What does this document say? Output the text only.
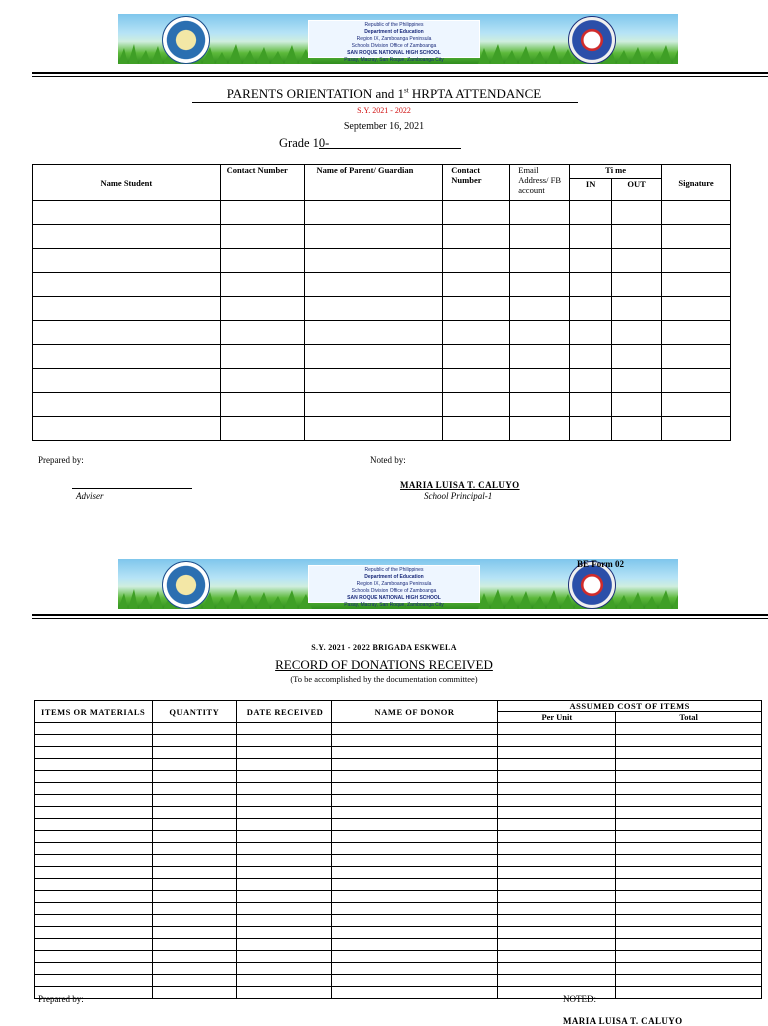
Republic of the Philippines
Department of Education
Region IX, Zamboanga Peninsula
Schools Division Office of Zamboanga
SAN ROQUE NATIONAL HIGH SCHOOL
Pasay, Macray, San Roque, Zamboanga City
PARENTS ORIENTATION and 1st HRPTA ATTENDANCE
S.Y. 2021 - 2022
September 16, 2021
Grade 10-
Name Student	Contact Number	Name of Parent/ Guardian	Contact Number	Email Address/ FB account	Ti me		Signature
					IN	OUT	

Prepared by:	Noted by:
Adviser
MARIA LUISA T. CALUYO
School Principal-1
Republic of the Philippines
Department of Education
Region IX, Zamboanga Peninsula
Schools Division Office of Zamboanga
SAN ROQUE NATIONAL HIGH SCHOOL
Pasay, Macray, San Roque, Zamboanga City
BE Form 02
S.Y. 2021 - 2022 BRIGADA ESKWELA
RECORD OF DONATIONS RECEIVED
(To be accomplished by the documentation committee)
ITEMS OR MATERIALS	QUANTITY	DATE RECEIVED	NAME OF DONOR	ASSUMED COST OF ITEMS	
				Per Unit	Total

Prepared by:	NOTED:
MARIA LUISA T. CALUYO
